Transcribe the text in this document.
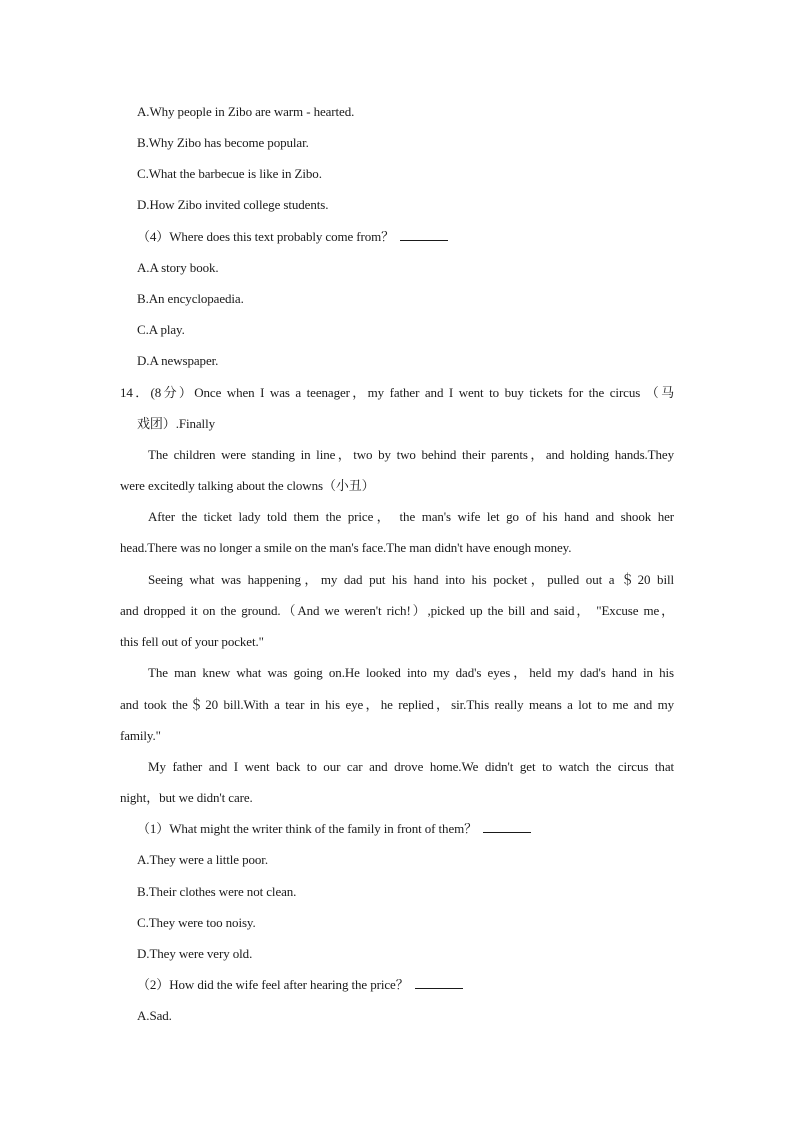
A.Why people in Zibo are warm - hearted.
B.Why Zibo has become popular.
C.What the barbecue is like in Zibo.
D.How Zibo invited college students.
（4）Where does this text probably come from？
A.A story book.
B.An encyclopaedia.
C.A play.
D.A newspaper.
14．(8分）Once when I was a teenager，my father and I went to buy tickets for the circus （马
戏团）.Finally
The children were standing in line，two by two behind their parents，and holding hands.They
were excitedly talking about the clowns（小丑）
After the ticket lady told them the price， the man's wife let go of his hand and shook her
head.There was no longer a smile on the man's face.The man didn't have enough money.
Seeing what was happening，my dad put his hand into his pocket，pulled out a ＄20 bill
and dropped it on the ground.（And we weren't rich!）,picked up the bill and said， "Excuse me，
this fell out of your pocket."
The man knew what was going on.He looked into my dad's eyes，held my dad's hand in his
and took the＄20 bill.With a tear in his eye，he replied，sir.This really means a lot to me and my
family."
My father and I went back to our car and drove home.We didn't get to watch the circus that
night，but we didn't care.
（1）What might the writer think of the family in front of them？
A.They were a little poor.
B.Their clothes were not clean.
C.They were too noisy.
D.They were very old.
（2）How did the wife feel after hearing the price？
A.Sad.
